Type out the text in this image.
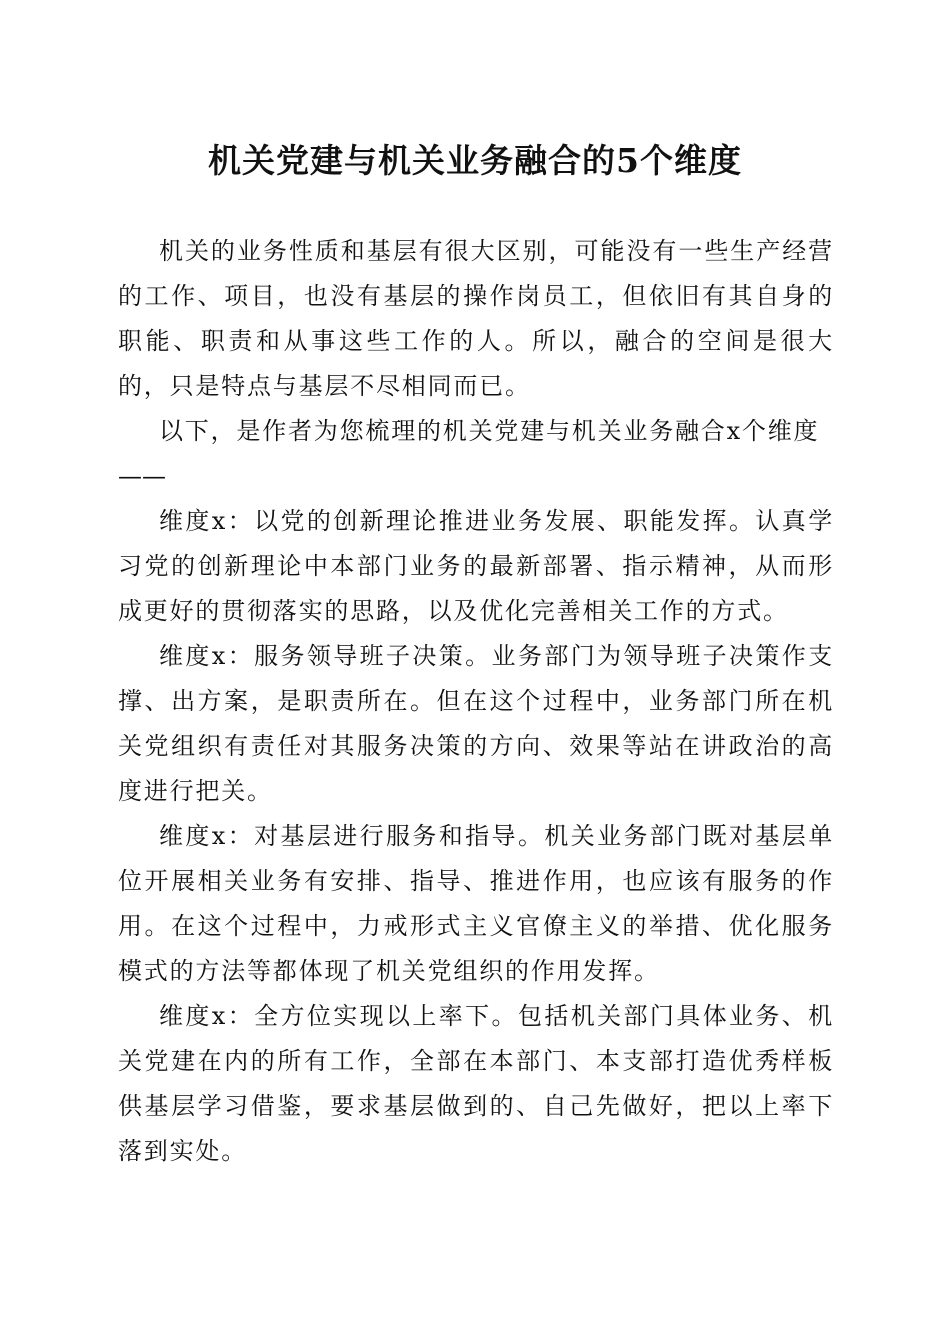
机关党建与机关业务融合的5个维度

机关的业务性质和基层有很大区别，可能没有一些生产经营的工作、项目，也没有基层的操作岗员工，但依旧有其自身的职能、职责和从事这些工作的人。所以，融合的空间是很大的，只是特点与基层不尽相同而已。

以下，是作者为您梳理的机关党建与机关业务融合x个维度

——

维度x：以党的创新理论推进业务发展、职能发挥。认真学习党的创新理论中本部门业务的最新部署、指示精神，从而形成更好的贯彻落实的思路，以及优化完善相关工作的方式。

维度x：服务领导班子决策。业务部门为领导班子决策作支撑、出方案，是职责所在。但在这个过程中，业务部门所在机关党组织有责任对其服务决策的方向、效果等站在讲政治的高度进行把关。

维度x：对基层进行服务和指导。机关业务部门既对基层单位开展相关业务有安排、指导、推进作用，也应该有服务的作用。在这个过程中，力戒形式主义官僚主义的举措、优化服务模式的方法等都体现了机关党组织的作用发挥。

维度x：全方位实现以上率下。包括机关部门具体业务、机关党建在内的所有工作，全部在本部门、本支部打造优秀样板供基层学习借鉴，要求基层做到的、自己先做好，把以上率下落到实处。
